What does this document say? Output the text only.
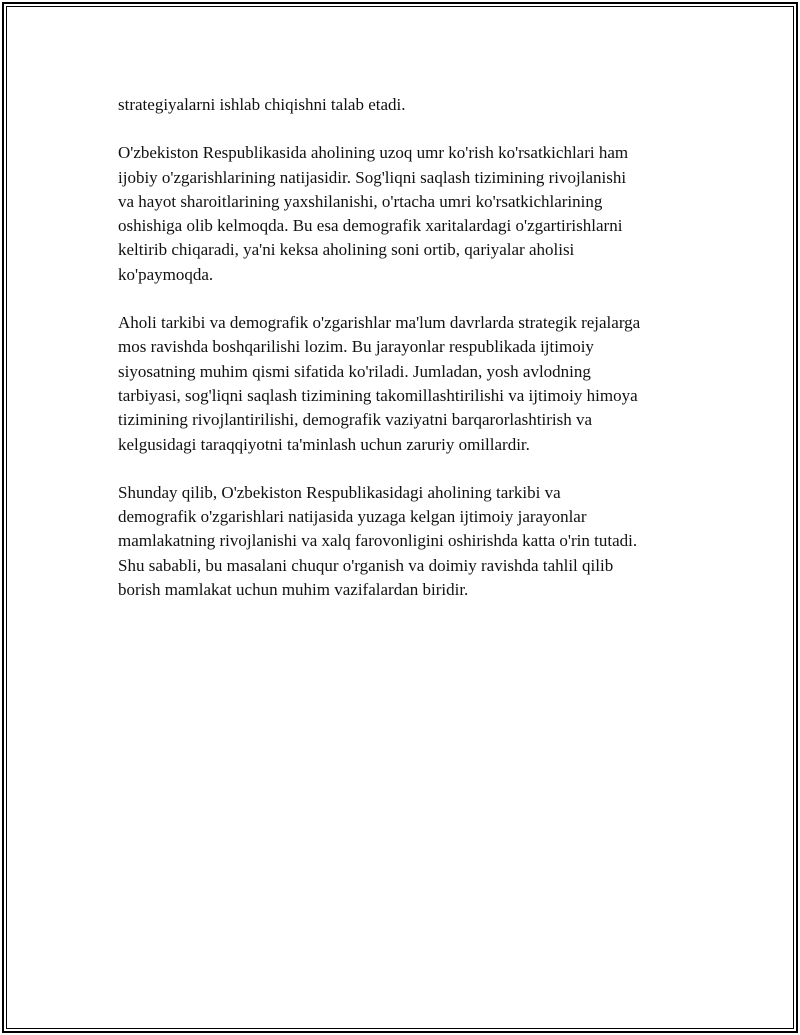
strategiyalarni ishlab chiqishni talab etadi.

O'zbekiston Respublikasida aholining uzoq umr ko'rish ko'rsatkichlari ham
ijobiy o'zgarishlarining natijasidir. Sog'liqni saqlash tizimining rivojlanishi
va hayot sharoitlarining yaxshilanishi, o'rtacha umri ko'rsatkichlarining
oshishiga olib kelmoqda. Bu esa demografik xaritalardagi o'zgartirishlarni
keltirib chiqaradi, ya'ni keksa aholining soni ortib, qariyalar aholisi
ko'paymoqda.

Aholi tarkibi va demografik o'zgarishlar ma'lum davrlarda strategik rejalarga
mos ravishda boshqarilishi lozim. Bu jarayonlar respublikada ijtimoiy
siyosatning muhim qismi sifatida ko'riladi. Jumladan, yosh avlodning
tarbiyasi, sog'liqni saqlash tizimining takomillashtirilishi va ijtimoiy himoya
tizimining rivojlantirilishi, demografik vaziyatni barqarorlashtirish va
kelgusidagi taraqqiyotni ta'minlash uchun zaruriy omillardir.

Shunday qilib, O'zbekiston Respublikasidagi aholining tarkibi va
demografik o'zgarishlari natijasida yuzaga kelgan ijtimoiy jarayonlar
mamlakatning rivojlanishi va xalq farovonligini oshirishda katta o'rin tutadi.
Shu sababli, bu masalani chuqur o'rganish va doimiy ravishda tahlil qilib
borish mamlakat uchun muhim vazifalardan biridir.
